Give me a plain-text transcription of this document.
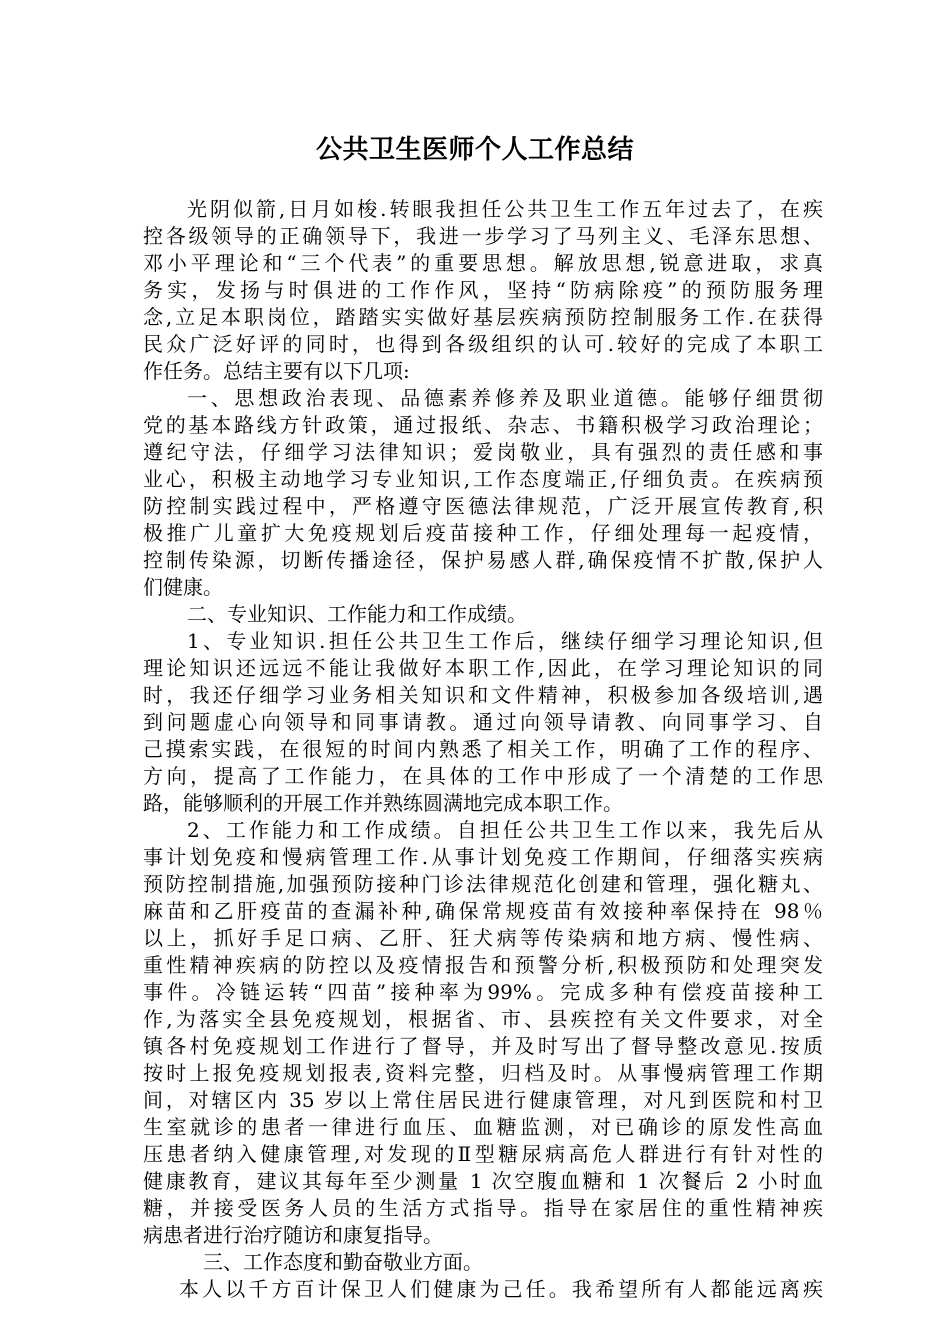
公共卫生医师个人工作总结
光阴似箭,日月如梭.转眼我担任公共卫生工作五年过去了，在疾
控各级领导的正确领导下，我进一步学习了马列主义、毛泽东思想、
邓小平理论和“三个代表”的重要思想。解放思想,锐意进取，求真
务实，发扬与时俱进的工作作风，坚持“防病除疫”的预防服务理
念,立足本职岗位，踏踏实实做好基层疾病预防控制服务工作.在获得
民众广泛好评的同时，也得到各级组织的认可.较好的完成了本职工
作任务。总结主要有以下几项:
一、思想政治表现、品德素养修养及职业道德。能够仔细贯彻
党的基本路线方针政策，通过报纸、杂志、书籍积极学习政治理论；
遵纪守法，仔细学习法律知识；爱岗敬业，具有强烈的责任感和事
业心，积极主动地学习专业知识,工作态度端正,仔细负责。在疾病预
防控制实践过程中，严格遵守医德法律规范，广泛开展宣传教育,积
极推广儿童扩大免疫规划后疫苗接种工作，仔细处理每一起疫情，
控制传染源，切断传播途径，保护易感人群,确保疫情不扩散,保护人
们健康。
二、专业知识、工作能力和工作成绩。
1、专业知识.担任公共卫生工作后，继续仔细学习理论知识,但
理论知识还远远不能让我做好本职工作,因此，在学习理论知识的同
时，我还仔细学习业务相关知识和文件精神，积极参加各级培训,遇
到问题虚心向领导和同事请教。通过向领导请教、向同事学习、自
己摸索实践，在很短的时间内熟悉了相关工作，明确了工作的程序、
方向，提高了工作能力，在具体的工作中形成了一个清楚的工作思
路，能够顺利的开展工作并熟练圆满地完成本职工作。
2、工作能力和工作成绩。自担任公共卫生工作以来，我先后从
事计划免疫和慢病管理工作.从事计划免疫工作期间，仔细落实疾病
预防控制措施,加强预防接种门诊法律规范化创建和管理，强化糖丸、
麻苗和乙肝疫苗的查漏补种,确保常规疫苗有效接种率保持在 98％
以上，抓好手足口病、乙肝、狂犬病等传染病和地方病、慢性病、
重性精神疾病的防控以及疫情报告和预警分析,积极预防和处理突发
事件。冷链运转“四苗”接种率为99%。完成多种有偿疫苗接种工
作,为落实全县免疫规划，根据省、市、县疾控有关文件要求，对全
镇各村免疫规划工作进行了督导，并及时写出了督导整改意见.按质
按时上报免疫规划报表,资料完整，归档及时。从事慢病管理工作期
间，对辖区内 35 岁以上常住居民进行健康管理，对凡到医院和村卫
生室就诊的患者一律进行血压、血糖监测，对已确诊的原发性高血
压患者纳入健康管理,对发现的Ⅱ型糖尿病高危人群进行有针对性的
健康教育，建议其每年至少测量 1 次空腹血糖和 1 次餐后 2 小时血
糖，并接受医务人员的生活方式指导。指导在家居住的重性精神疾
病患者进行治疗随访和康复指导。
三、工作态度和勤奋敬业方面。
本人以千方百计保卫人们健康为己任。我希望所有人都能远离疾
